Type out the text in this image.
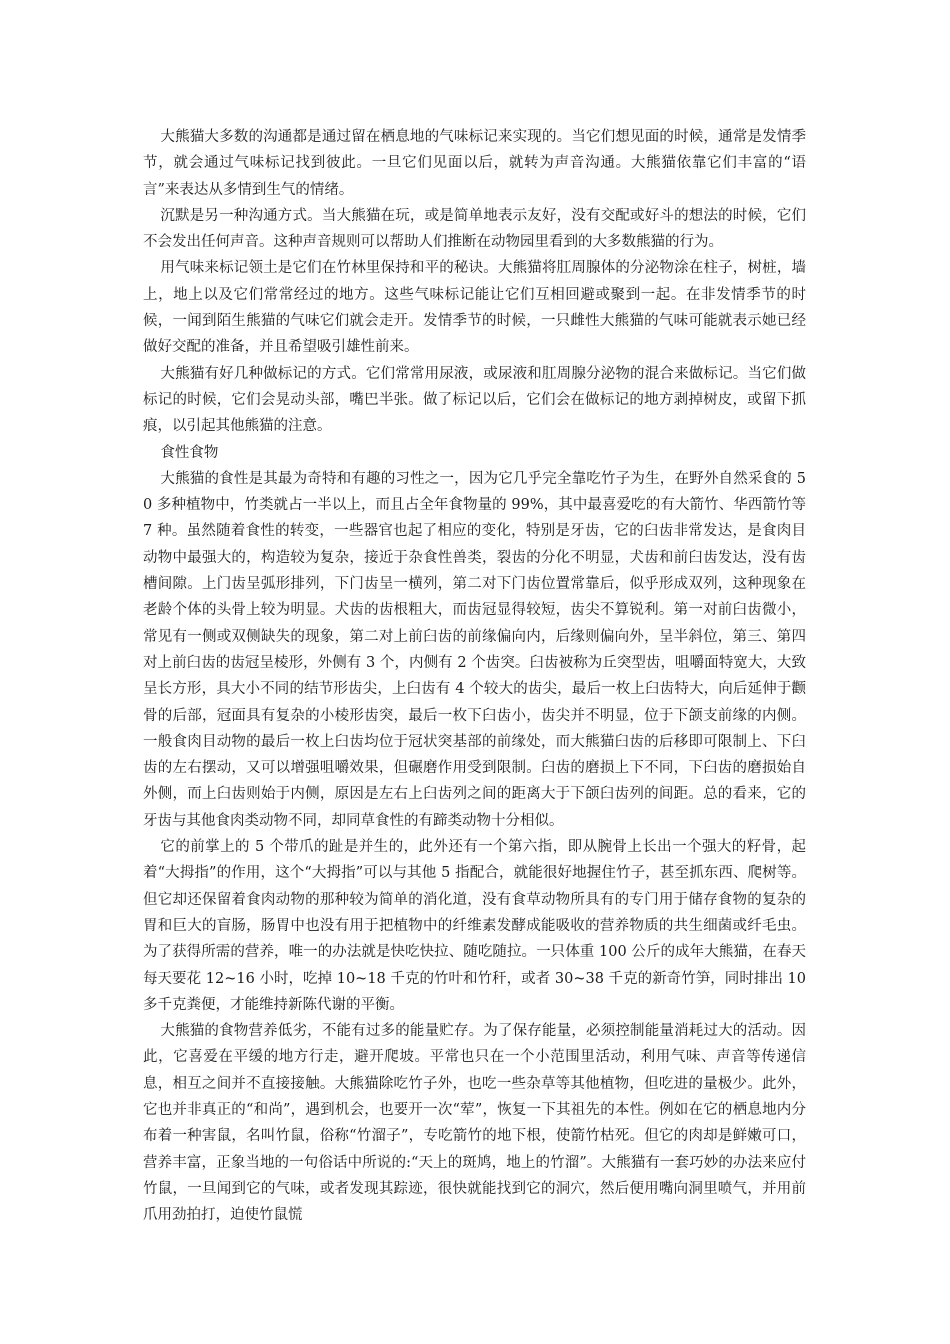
大熊猫大多数的沟通都是通过留在栖息地的气味标记来实现的。当它们想见面的时候，通常是发情季节，就会通过气味标记找到彼此。一旦它们见面以后，就转为声音沟通。大熊猫依靠它们丰富的“语言”来表达从多情到生气的情绪。

沉默是另一种沟通方式。当大熊猫在玩，或是简单地表示友好，没有交配或好斗的想法的时候，它们不会发出任何声音。这种声音规则可以帮助人们推断在动物园里看到的大多数熊猫的行为。

用气味来标记领土是它们在竹林里保持和平的秘诀。大熊猫将肛周腺体的分泌物涂在柱子，树桩，墙上，地上以及它们常常经过的地方。这些气味标记能让它们互相回避或聚到一起。在非发情季节的时候，一闻到陌生熊猫的气味它们就会走开。发情季节的时候，一只雌性大熊猫的气味可能就表示她已经做好交配的准备，并且希望吸引雄性前来。

大熊猫有好几种做标记的方式。它们常常用尿液，或尿液和肛周腺分泌物的混合来做标记。当它们做标记的时候，它们会晃动头部，嘴巴半张。做了标记以后，它们会在做标记的地方剥掉树皮，或留下抓痕，以引起其他熊猫的注意。

食性食物

大熊猫的食性是其最为奇特和有趣的习性之一，因为它几乎完全靠吃竹子为生，在野外自然采食的 50 多种植物中，竹类就占一半以上，而且占全年食物量的 99%，其中最喜爱吃的有大箭竹、华西箭竹等 7 种。虽然随着食性的转变，一些器官也起了相应的变化，特别是牙齿，它的臼齿非常发达，是食肉目动物中最强大的，构造较为复杂，接近于杂食性兽类，裂齿的分化不明显，犬齿和前臼齿发达，没有齿槽间隙。上门齿呈弧形排列，下门齿呈一横列，第二对下门齿位置常靠后，似乎形成双列，这种现象在老龄个体的头骨上较为明显。犬齿的齿根粗大，而齿冠显得较短，齿尖不算锐利。第一对前臼齿微小，常见有一侧或双侧缺失的现象，第二对上前臼齿的前缘偏向内，后缘则偏向外，呈半斜位，第三、第四对上前臼齿的齿冠呈棱形，外侧有 3 个，内侧有 2 个齿突。臼齿被称为丘突型齿，咀嚼面特宽大，大致呈长方形，具大小不同的结节形齿尖，上臼齿有 4 个较大的齿尖，最后一枚上臼齿特大，向后延伸于颧骨的后部，冠面具有复杂的小棱形齿突，最后一枚下臼齿小，齿尖并不明显，位于下颌支前缘的内侧。一般食肉目动物的最后一枚上臼齿均位于冠状突基部的前缘处，而大熊猫臼齿的后移即可限制上、下臼齿的左右摆动，又可以增强咀嚼效果，但碾磨作用受到限制。臼齿的磨损上下不同，下臼齿的磨损始自外侧，而上臼齿则始于内侧，原因是左右上臼齿列之间的距离大于下颌臼齿列的间距。总的看来，它的牙齿与其他食肉类动物不同，却同草食性的有蹄类动物十分相似。

它的前掌上的 5 个带爪的趾是并生的，此外还有一个第六指，即从腕骨上长出一个强大的籽骨，起着“大拇指”的作用，这个“大拇指”可以与其他 5 指配合，就能很好地握住竹子，甚至抓东西、爬树等。但它却还保留着食肉动物的那种较为简单的消化道，没有食草动物所具有的专门用于储存食物的复杂的胃和巨大的盲肠，肠胃中也没有用于把植物中的纤维素发酵成能吸收的营养物质的共生细菌或纤毛虫。为了获得所需的营养，唯一的办法就是快吃快拉、随吃随拉。一只体重 100 公斤的成年大熊猫，在春天每天要花 12~16 小时，吃掉 10~18 千克的竹叶和竹秆，或者 30~38 千克的新奇竹笋，同时排出 10 多千克粪便，才能维持新陈代谢的平衡。

大熊猫的食物营养低劣，不能有过多的能量贮存。为了保存能量，必须控制能量消耗过大的活动。因此，它喜爱在平缓的地方行走，避开爬坡。平常也只在一个小范围里活动，利用气味、声音等传递信息，相互之间并不直接接触。大熊猫除吃竹子外，也吃一些杂草等其他植物，但吃进的量极少。此外，它也并非真正的“和尚”，遇到机会，也要开一次“荤”，恢复一下其祖先的本性。例如在它的栖息地内分布着一种害鼠，名叫竹鼠，俗称“竹溜子”，专吃箭竹的地下根，使箭竹枯死。但它的肉却是鲜嫩可口，营养丰富，正象当地的一句俗话中所说的:“天上的斑鸠，地上的竹溜”。大熊猫有一套巧妙的办法来应付竹鼠，一旦闻到它的气味，或者发现其踪迹，很快就能找到它的洞穴，然后便用嘴向洞里喷气，并用前爪用劲拍打，迫使竹鼠慌
